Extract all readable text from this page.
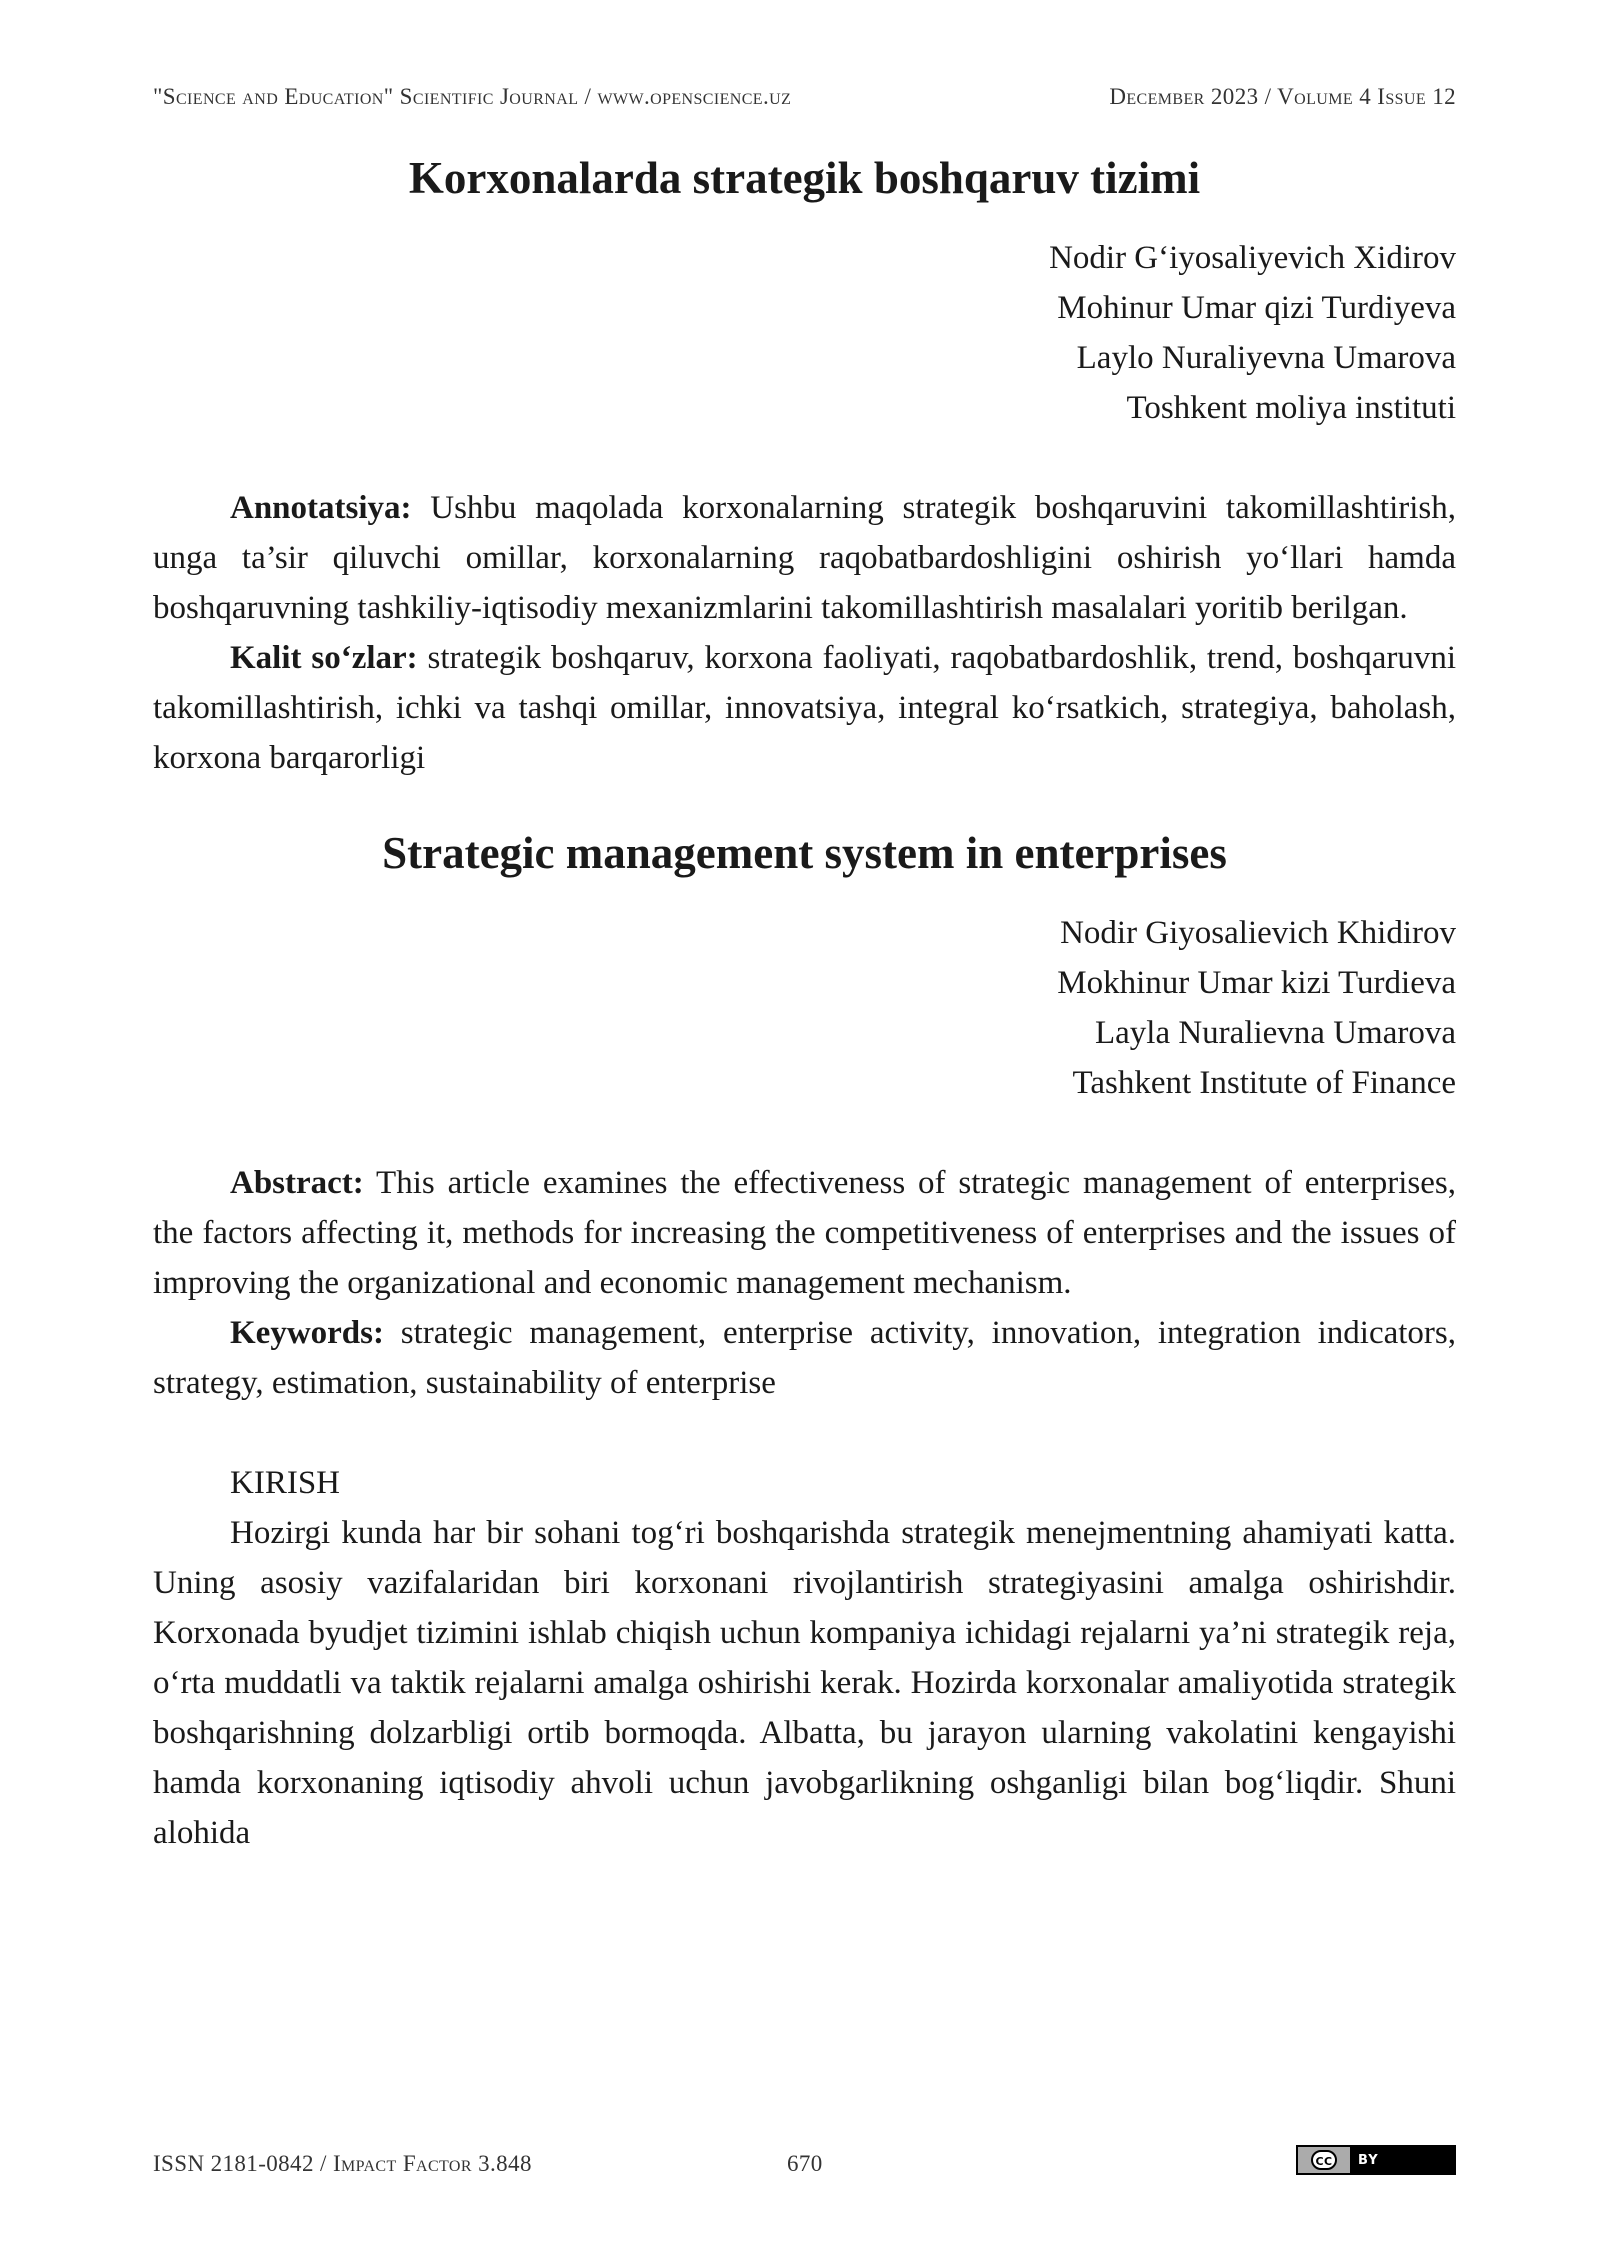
"Science and Education" Scientific Journal / www.openscience.uz	December 2023 / Volume 4 Issue 12
Korxonalarda strategik boshqaruv tizimi
Nodir G‘iyosaliyevich Xidirov
Mohinur Umar qizi Turdiyeva
Laylo Nuraliyevna Umarova
Toshkent moliya instituti

Annotatsiya: Ushbu maqolada korxonalarning strategik boshqaruvini takomillashtirish, unga ta’sir qiluvchi omillar, korxonalarning raqobatbardoshligini oshirish yo‘llari hamda boshqaruvning tashkiliy-iqtisodiy mexanizmlarini takomillashtirish masalalari yoritib berilgan.

Kalit so‘zlar: strategik boshqaruv, korxona faoliyati, raqobatbardoshlik, trend, boshqaruvni takomillashtirish, ichki va tashqi omillar, innovatsiya, integral ko‘rsatkich, strategiya, baholash, korxona barqarorligi

Strategic management system in enterprises
Nodir Giyosalievich Khidirov
Mokhinur Umar kizi Turdieva
Layla Nuralievna Umarova
Tashkent Institute of Finance

Abstract: This article examines the effectiveness of strategic management of enterprises, the factors affecting it, methods for increasing the competitiveness of enterprises and the issues of improving the organizational and economic management mechanism.

Keywords: strategic management, enterprise activity, innovation, integration indicators, strategy, estimation, sustainability of enterprise

KIRISH

Hozirgi kunda har bir sohani tog‘ri boshqarishda strategik menejmentning ahamiyati katta. Uning asosiy vazifalaridan biri korxonani rivojlantirish strategiyasini amalga oshirishdir. Korxonada byudjet tizimini ishlab chiqish uchun kompaniya ichidagi rejalarni ya’ni strategik reja, o‘rta muddatli va taktik rejalarni amalga oshirishi kerak. Hozirda korxonalar amaliyotida strategik boshqarishning dolzarbligi ortib bormoqda. Albatta, bu jarayon ularning vakolatini kengayishi hamda korxonaning iqtisodiy ahvoli uchun javobgarlikning oshganligi bilan bog‘liqdir. Shuni alohida

ISSN 2181-0842 / Impact Factor 3.848	670	cc	BY
